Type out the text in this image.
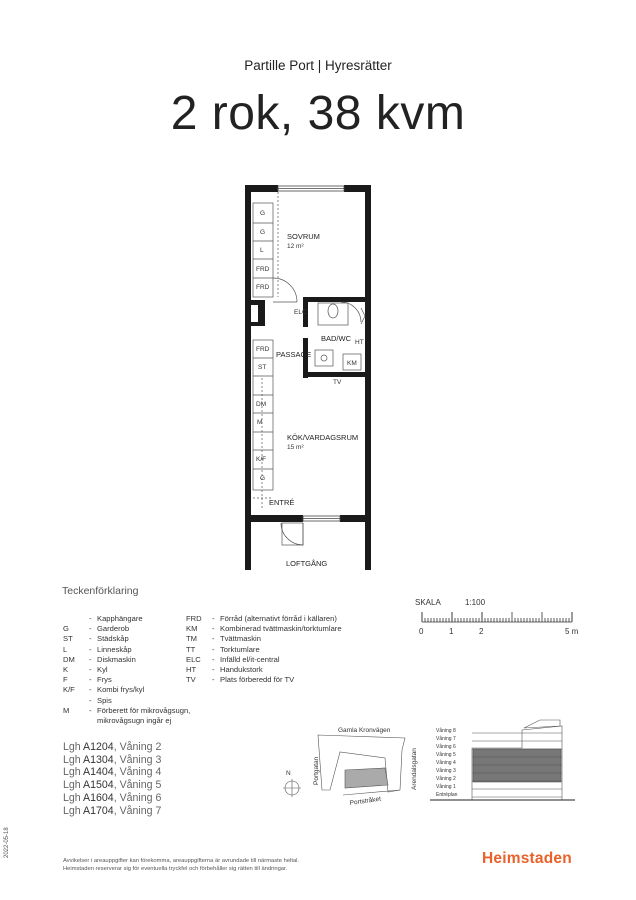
Partille Port | Hyresrätter
2 rok, 38 kvm
SOVRUM
12 m²
BAD/WC
KÖK/VARDAGSRUM
15 m²
PASSAGE
ENTRÉ
LOFTGÅNG
G
G
L
FRD
FRD
FRD
ST
DM
M
K/F
G
ELC
HT
KM
TV
N
Gamla Kronvägen
Portgatan
Portstråket
Arendalsgatan
Våning 8
Våning 7
Våning 6
Våning 5
Våning 4
Våning 3
Våning 2
Våning 1
Entréplan
SKALA	1:100
0	1	2	5 m
Teckenförklaring
- Kapphängare
G	- Garderob
ST	- Städskåp
L	- Linneskåp
DM	- Diskmaskin
K	- Kyl
F	- Frys
K/F	- Kombi frys/kyl
- Spis
M	- Förberett för mikrovågsugn,
mikrovågsugn ingår ej
FRD	- Förråd (alternativt förråd i källaren)
KM	- Kombinerad tvättmaskin/torktumlare
TM	- Tvättmaskin
TT	- Torktumlare
ELC	- Infälld el/it-central
HT	- Handukstork
TV	- Plats förberedd för TV
Lgh A1204, Våning 2
Lgh A1304, Våning 3
Lgh A1404, Våning 4
Lgh A1504, Våning 5
Lgh A1604, Våning 6
Lgh A1704, Våning 7
Avvikelser i areauppgifter kan förekomma, areauppgifterna är avrundade till närmaste heltal.
Heimstaden reserverar sig för eventuella tryckfel och förbehåller sig rätten till ändringar.
2022-05-18
Heimstaden
